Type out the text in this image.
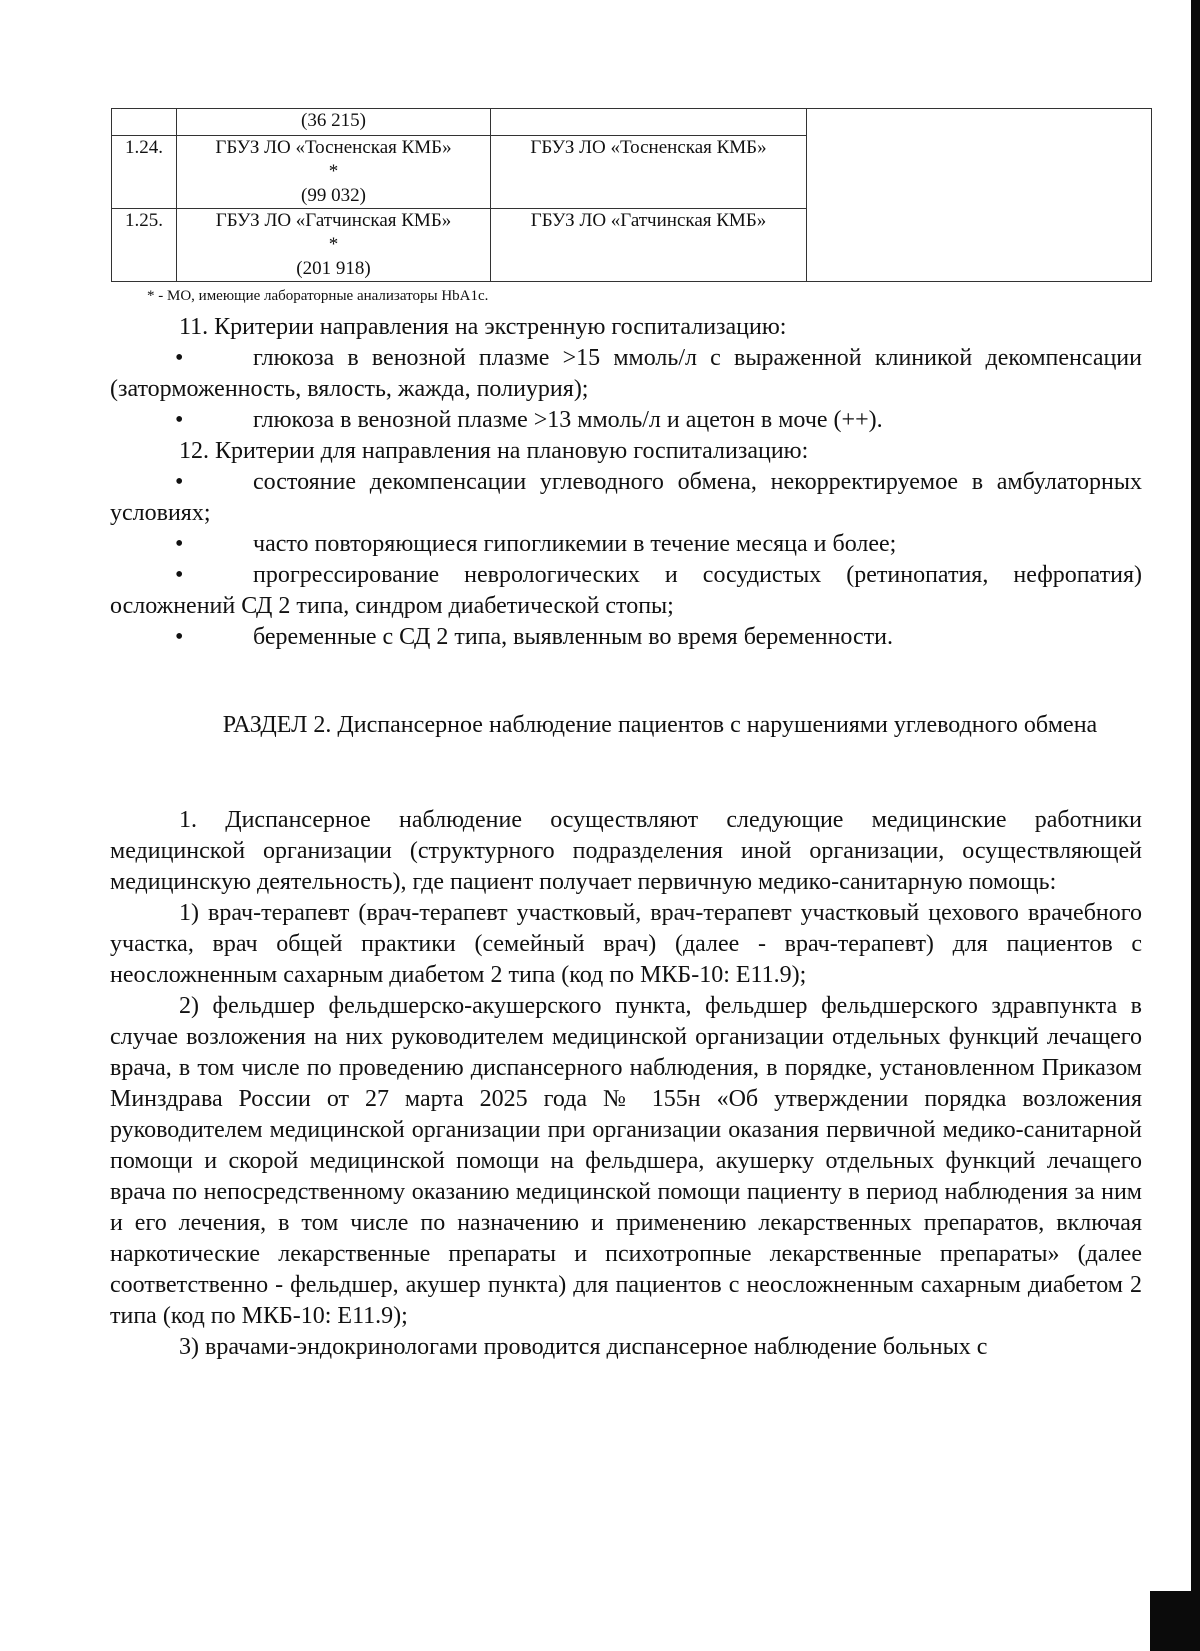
	(36 215)		

1.24.	ГБУЗ ЛО «Тосненская КМБ»
*
(99 032)	ГБУЗ ЛО «Тосненская КМБ»	
1.25.	ГБУЗ ЛО «Гатчинская КМБ»
*
(201 918)	ГБУЗ ЛО «Гатчинская КМБ»	
* - МО, имеющие лабораторные анализаторы HbA1c.

11. Критерии направления на экстренную госпитализацию:

•	глюкоза в венозной плазме >15 ммоль/л с выраженной клиникой декомпенсации (заторможенность, вялость, жажда, полиурия);

•	глюкоза в венозной плазме >13 ммоль/л и ацетон в моче (++).

12. Критерии для направления на плановую госпитализацию:

•	состояние декомпенсации углеводного обмена, некорректируемое в амбулаторных условиях;

•	часто повторяющиеся гипогликемии в течение месяца и более;

•	прогрессирование неврологических и сосудистых (ретинопатия, нефропатия) осложнений СД 2 типа, синдром диабетической стопы;

•	беременные с СД 2 типа, выявленным во время беременности.

РАЗДЕЛ 2. Диспансерное наблюдение пациентов с нарушениями углеводного обмена

1. Диспансерное наблюдение осуществляют следующие медицинские работники медицинской организации (структурного подразделения иной организации, осуществляющей медицинскую деятельность), где пациент получает первичную медико-санитарную помощь:

1) врач-терапевт (врач-терапевт участковый, врач-терапевт участковый цехового врачебного участка, врач общей практики (семейный врач) (далее - врач-терапевт) для пациентов с неосложненным сахарным диабетом 2 типа (код по МКБ-10: Е11.9);

2) фельдшер фельдшерско-акушерского пункта, фельдшер фельдшерского здравпункта в случае возложения на них руководителем медицинской организации отдельных функций лечащего врача, в том числе по проведению диспансерного наблюдения, в порядке, установленном Приказом Минздрава России от 27 марта 2025 года № 155н «Об утверждении порядка возложения руководителем медицинской организации при организации оказания первичной медико-санитарной помощи и скорой медицинской помощи на фельдшера, акушерку отдельных функций лечащего врача по непосредственному оказанию медицинской помощи пациенту в период наблюдения за ним и его лечения, в том числе по назначению и применению лекарственных препаратов, включая наркотические лекарственные препараты и психотропные лекарственные препараты» (далее соответственно - фельдшер, акушер пункта) для пациентов с неосложненным сахарным диабетом 2 типа (код по МКБ-10: Е11.9);

3) врачами-эндокринологами проводится диспансерное наблюдение больных с
